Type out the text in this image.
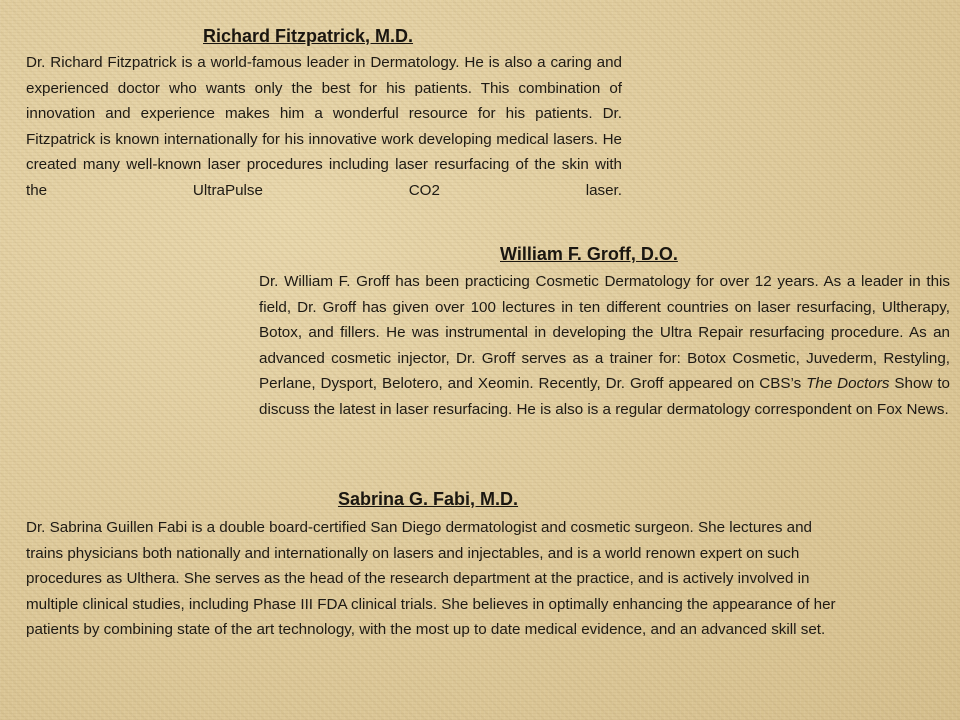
Richard Fitzpatrick, M.D.

Dr. Richard Fitzpatrick is a world-famous leader in Dermatology. He is also a caring and experienced doctor who wants only the best for his patients. This combination of innovation and experience makes him a wonderful resource for his patients. Dr. Fitzpatrick is known internationally for his innovative work developing medical lasers. He created many well-known laser procedures including laser resurfacing of the skin with the UltraPulse CO2 laser.

William F. Groff, D.O.

Dr. William F. Groff has been practicing Cosmetic Dermatology for over 12 years. As a leader in this field, Dr. Groff has given over 100 lectures in ten different countries on laser resurfacing, Ultherapy, Botox, and fillers. He was instrumental in developing the Ultra Repair resurfacing procedure. As an advanced cosmetic injector, Dr. Groff serves as a trainer for: Botox Cosmetic, Juvederm, Restyling, Perlane, Dysport, Belotero, and Xeomin. Recently, Dr. Groff appeared on CBS’s The Doctors Show to discuss the latest in laser resurfacing. He is also is a regular dermatology correspondent on Fox News.

Sabrina G. Fabi, M.D.

Dr. Sabrina Guillen Fabi is a double board-certified San Diego dermatologist and cosmetic surgeon. She lectures and trains physicians both nationally and internationally on lasers and injectables, and is a world renown expert on such procedures as Ulthera. She serves as the head of the research department at the practice, and is actively involved in multiple clinical studies, including Phase III FDA clinical trials. She believes in optimally enhancing the appearance of her patients by combining state of the art technology, with the most up to date medical evidence, and an advanced skill set.
